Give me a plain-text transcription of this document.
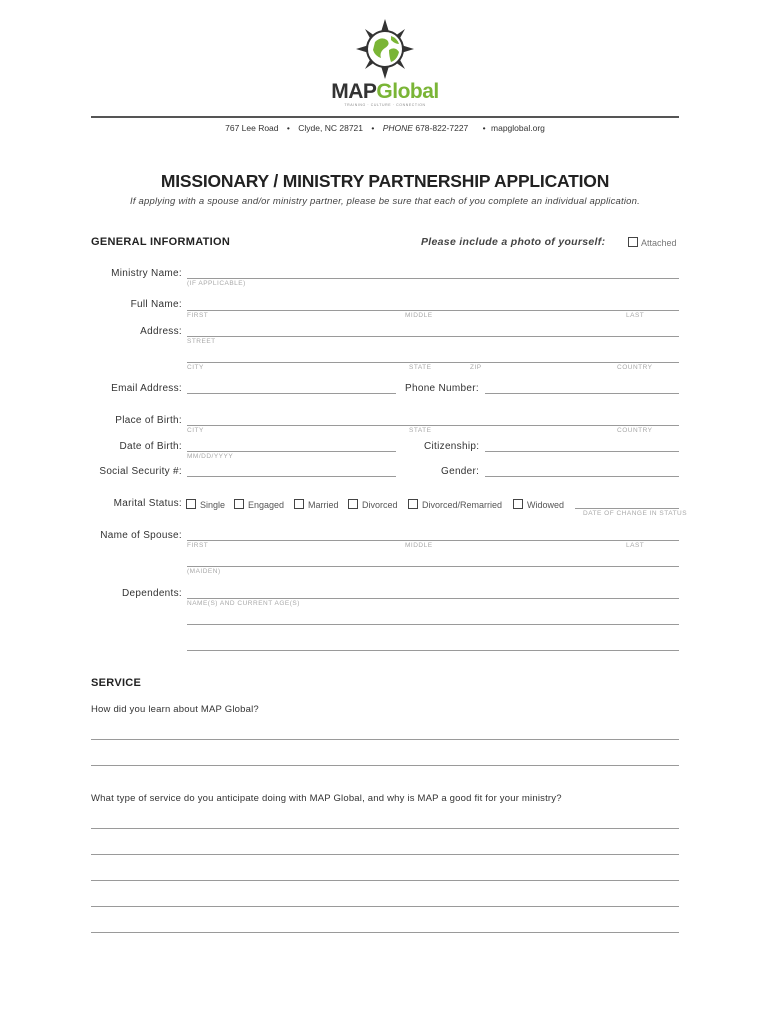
MAPGlobal
TRAINING · CULTURE · CONNECTION
767 Lee Road • Clyde, NC 28721 • PHONE 678-822-7227 • mapglobal.org
MISSIONARY / MINISTRY PARTNERSHIP APPLICATION
If applying with a spouse and/or ministry partner, please be sure that each of you complete an individual application.
GENERAL INFORMATION	Please include a photo of yourself:	Attached
Ministry Name:
(IF APPLICABLE)
Full Name:
FIRST	MIDDLE	LAST
Address:
STREET
CITY	STATE	ZIP	COUNTRY
Email Address:	Phone Number:
Place of Birth:
CITY	STATE	COUNTRY
Date of Birth:
MM/DD/YYYY
Citizenship:
Social Security #:	Gender:
Marital Status: Single	Engaged	Married	Divorced	Divorced/Remarried	Widowed
DATE OF CHANGE IN STATUS
Name of Spouse:
FIRST	MIDDLE	LAST
(MAIDEN)
Dependents:
NAME(S) AND CURRENT AGE(S)
SERVICE
How did you learn about MAP Global?
What type of service do you anticipate doing with MAP Global, and why is MAP a good fit for your ministry?
